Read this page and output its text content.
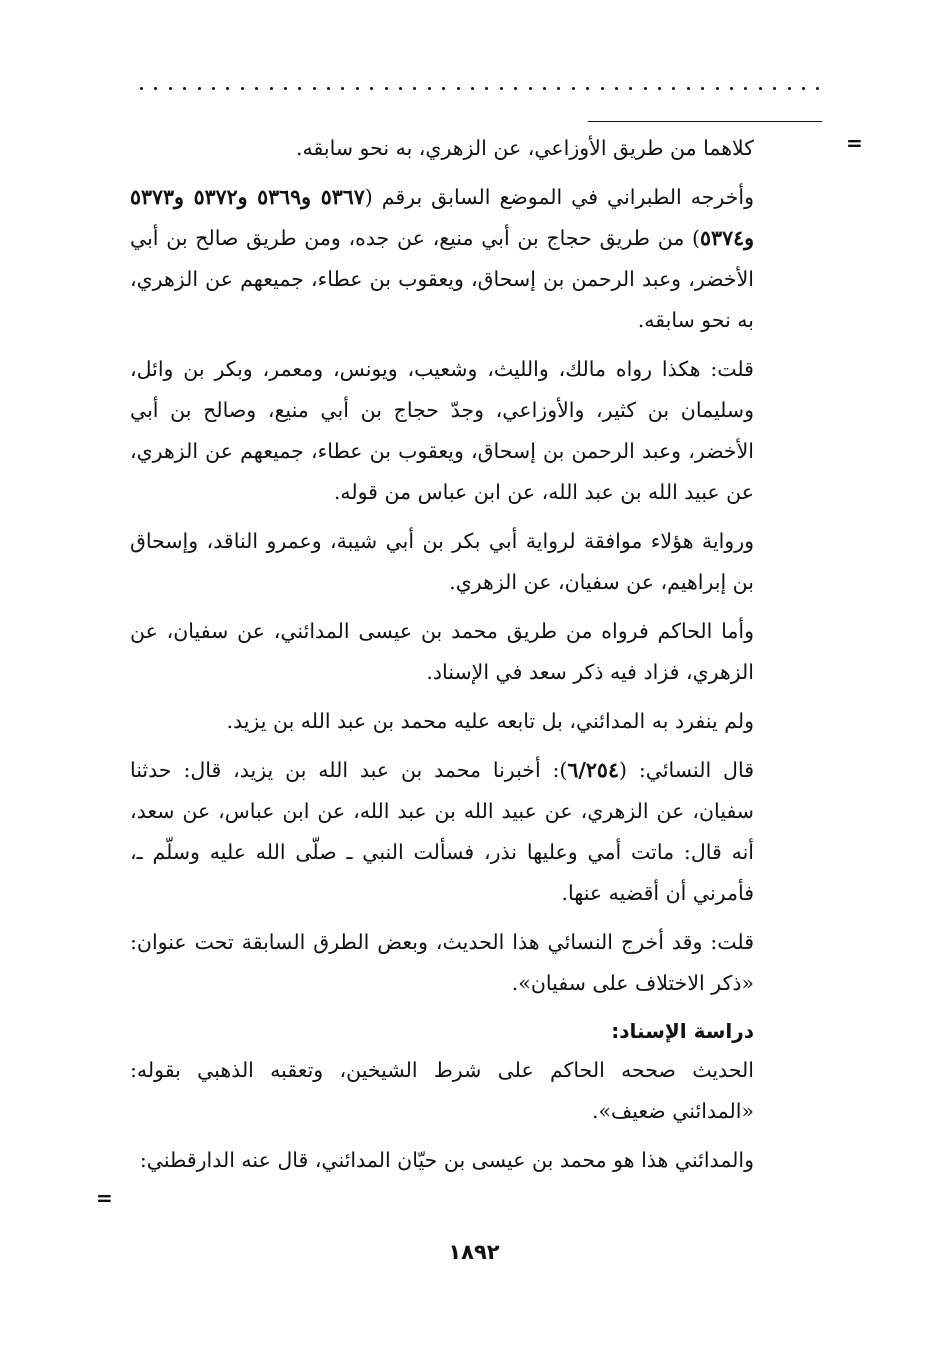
=

كلاهما من طريق الأوزاعي، عن الزهري، به نحو سابقه.

وأخرجه الطبراني في الموضع السابق برقم (٥٣٦٧ و٥٣٦٩ و٥٣٧٢ و٥٣٧٣ و٥٣٧٤) من طريق حجاج بن أبي منيع، عن جده، ومن طريق صالح بن أبي الأخضر، وعبد الرحمن بن إسحاق، ويعقوب بن عطاء، جميعهم عن الزهري، به نحو سابقه.

قلت: هكذا رواه مالك، والليث، وشعيب، ويونس، ومعمر، وبكر بن وائل، وسليمان بن كثير، والأوزاعي، وجدّ حجاج بن أبي منيع، وصالح بن أبي الأخضر، وعبد الرحمن بن إسحاق، ويعقوب بن عطاء، جميعهم عن الزهري، عن عبيد الله بن عبد الله، عن ابن عباس من قوله.

ورواية هؤلاء موافقة لرواية أبي بكر بن أبي شيبة، وعمرو الناقد، وإسحاق بن إبراهيم، عن سفيان، عن الزهري.

وأما الحاكم فرواه من طريق محمد بن عيسى المدائني، عن سفيان، عن الزهري، فزاد فيه ذكر سعد في الإسناد.

ولم ينفرد به المدائني، بل تابعه عليه محمد بن عبد الله بن يزيد.

قال النسائي: (٦/٢٥٤): أخبرنا محمد بن عبد الله بن يزيد، قال: حدثنا سفيان، عن الزهري، عن عبيد الله بن عبد الله، عن ابن عباس، عن سعد، أنه قال: ماتت أمي وعليها نذر، فسألت النبي ـ صلّى الله عليه وسلّم ـ، فأمرني أن أقضيه عنها.

قلت: وقد أخرج النسائي هذا الحديث، وبعض الطرق السابقة تحت عنوان: «ذكر الاختلاف على سفيان».

دراسة الإسناد:

الحديث صححه الحاكم على شرط الشيخين، وتعقبه الذهبي بقوله: «المدائني ضعيف».

والمدائني هذا هو محمد بن عيسى بن حيّان المدائني، قال عنه الدارقطني:

=
١٨٩٢
